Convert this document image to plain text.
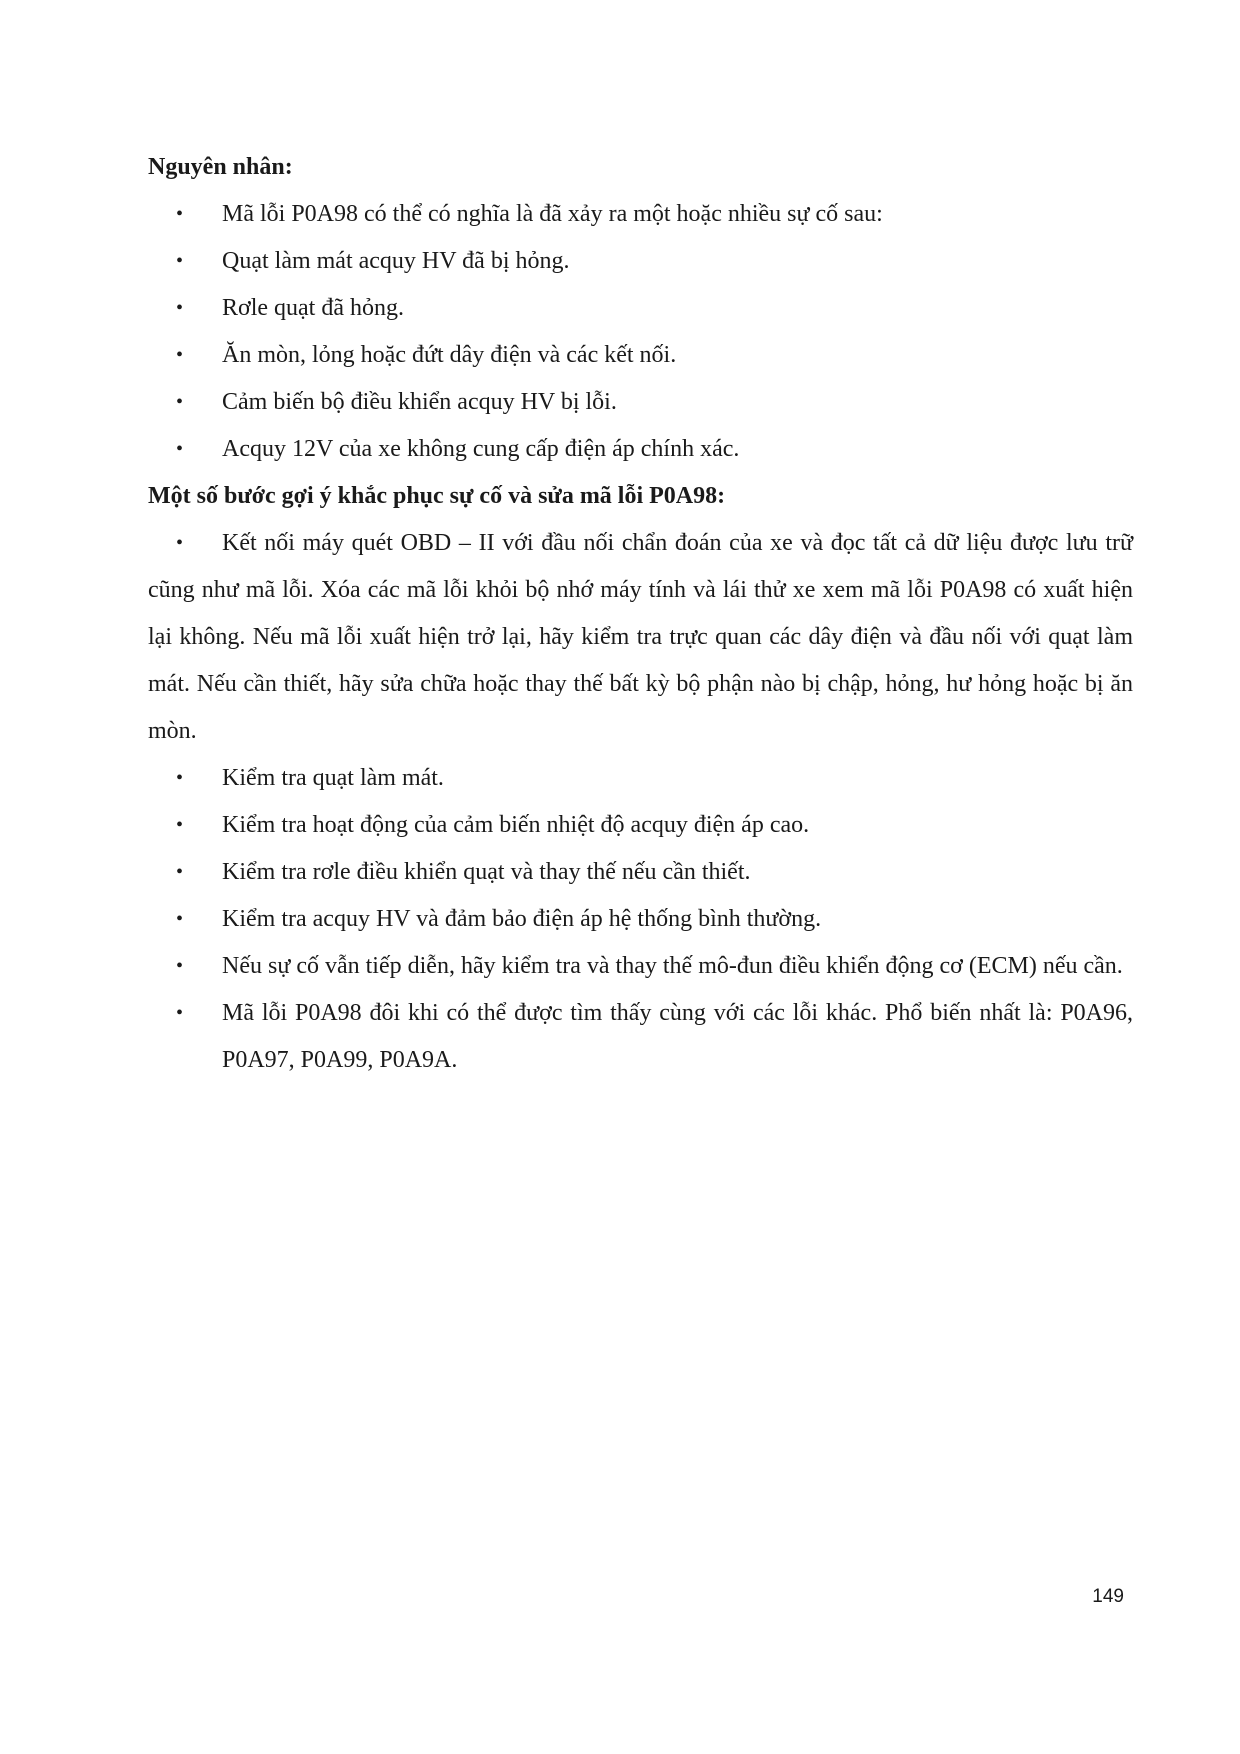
Nguyên nhân:

• Mã lỗi P0A98 có thể có nghĩa là đã xảy ra một hoặc nhiều sự cố sau:
• Quạt làm mát acquy HV đã bị hỏng.
• Rơle quạt đã hỏng.
• Ăn mòn, lỏng hoặc đứt dây điện và các kết nối.
• Cảm biến bộ điều khiển acquy HV bị lỗi.
• Acquy 12V của xe không cung cấp điện áp chính xác.

Một số bước gợi ý khắc phục sự cố và sửa mã lỗi P0A98:

• Kết nối máy quét OBD – II với đầu nối chẩn đoán của xe và đọc tất cả dữ liệu được lưu trữ cũng như mã lỗi. Xóa các mã lỗi khỏi bộ nhớ máy tính và lái thử xe xem mã lỗi P0A98 có xuất hiện lại không. Nếu mã lỗi xuất hiện trở lại, hãy kiểm tra trực quan các dây điện và đầu nối với quạt làm mát. Nếu cần thiết, hãy sửa chữa hoặc thay thế bất kỳ bộ phận nào bị chập, hỏng, hư hỏng hoặc bị ăn mòn.
• Kiểm tra quạt làm mát.
• Kiểm tra hoạt động của cảm biến nhiệt độ acquy điện áp cao.
• Kiểm tra rơle điều khiển quạt và thay thế nếu cần thiết.
• Kiểm tra acquy HV và đảm bảo điện áp hệ thống bình thường.
• Nếu sự cố vẫn tiếp diễn, hãy kiểm tra và thay thế mô-đun điều khiển động cơ (ECM) nếu cần.
• Mã lỗi P0A98 đôi khi có thể được tìm thấy cùng với các lỗi khác. Phổ biến nhất là: P0A96, P0A97, P0A99, P0A9A.
149
